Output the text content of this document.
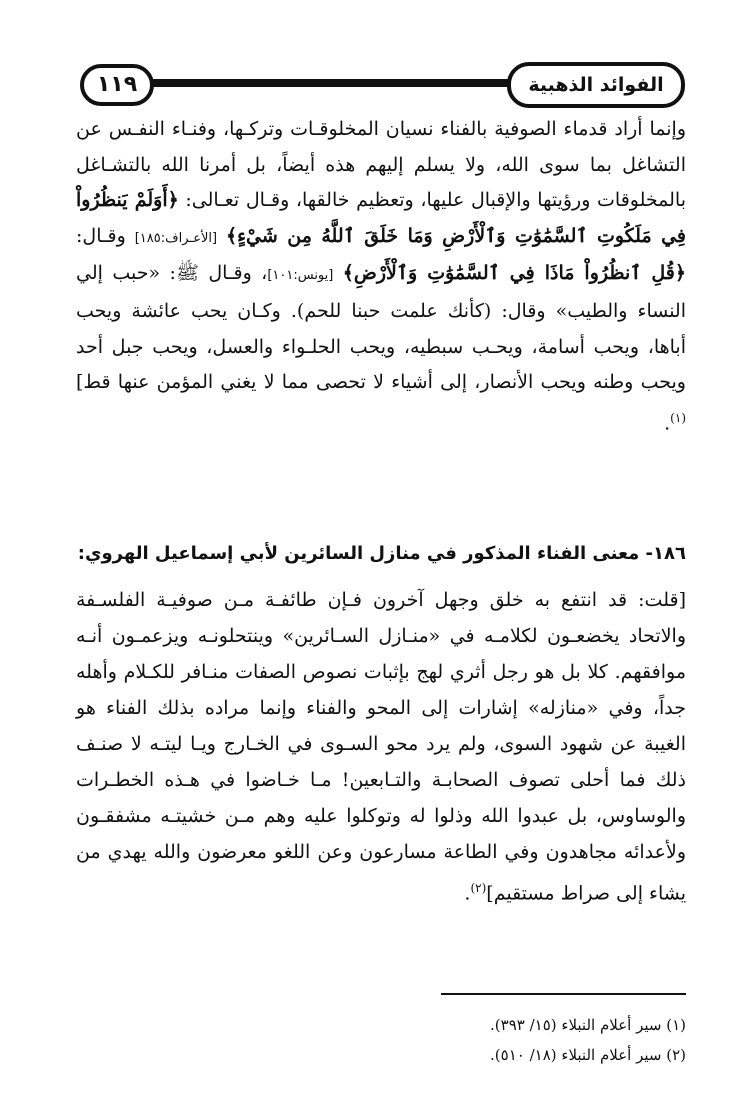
١١٩	الفوائد الذهبية

وإنما أراد قدماء الصوفية بالفناء نسيان المخلوقـات وتركـها، وفنـاء النفـس عن التشاغل بما سوى الله، ولا يسلم إليهم هذه أيضاً، بل أمرنا الله بالتشـاغل بالمخلوقات ورؤيتها والإقبال عليها، وتعظيم خالقها، وقـال تعـالى: ﴿أَوَلَمْ يَنظُرُواْ فِي مَلَكُوتِ ٱلسَّمَٰوَٰتِ وَٱلْأَرْضِ وَمَا خَلَقَ ٱللَّهُ مِن شَيْءٍ﴾ [الأعـراف:١٨٥] وقـال: ﴿قُلِ ٱنظُرُواْ مَاذَا فِي ٱلسَّمَٰوَٰتِ وَٱلْأَرْضِ﴾ [يونس:١٠١]، وقـال ﷺ: «حبب إلي النساء والطيب» وقال: (كأنك علمت حبنا للحم). وكـان يحب عائشة ويحب أباها، ويحب أسامة، ويحـب سبطيه، ويحب الحلـواء والعسل، ويحب جبل أحد ويحب وطنه ويحب الأنصار، إلى أشياء لا تحصى مما لا يغني المؤمن عنها قط]$^{(١)}$.

١٨٦- معنى الفناء المذكور في منازل السائرين لأبي إسماعيل الهروي:

[قلت: قد انتفع به خلق وجهل آخرون فـإن طائفـة مـن صوفيـة الفلسـفة والاتحاد يخضعـون لكلامـه في «منـازل السـائرين» وينتحلونـه ويزعمـون أنـه موافقهم. كلا بل هو رجل أثري لهج بإثبات نصوص الصفات منـافر للكـلام وأهله جداً، وفي «منازله» إشارات إلى المحو والفناء وإنما مراده بذلك الفناء هو الغيبة عن شهود السوى، ولم يرد محو السـوى في الخـارج ويـا ليتـه لا صنـف ذلك فما أحلى تصوف الصحابـة والتـابعين! مـا خـاضوا في هـذه الخطـرات والوساوس، بل عبدوا الله وذلوا له وتوكلوا عليه وهم مـن خشيتـه مشفقـون ولأعدائه مجاهدون وفي الطاعة مسارعون وعن اللغو معرضون والله يهدي من يشاء إلى صراط مستقيم]$^{(٢)}$.

(١) سير أعلام النبلاء (١٥/ ٣٩٣).
(٢) سير أعلام النبلاء (١٨/ ٥١٠).
